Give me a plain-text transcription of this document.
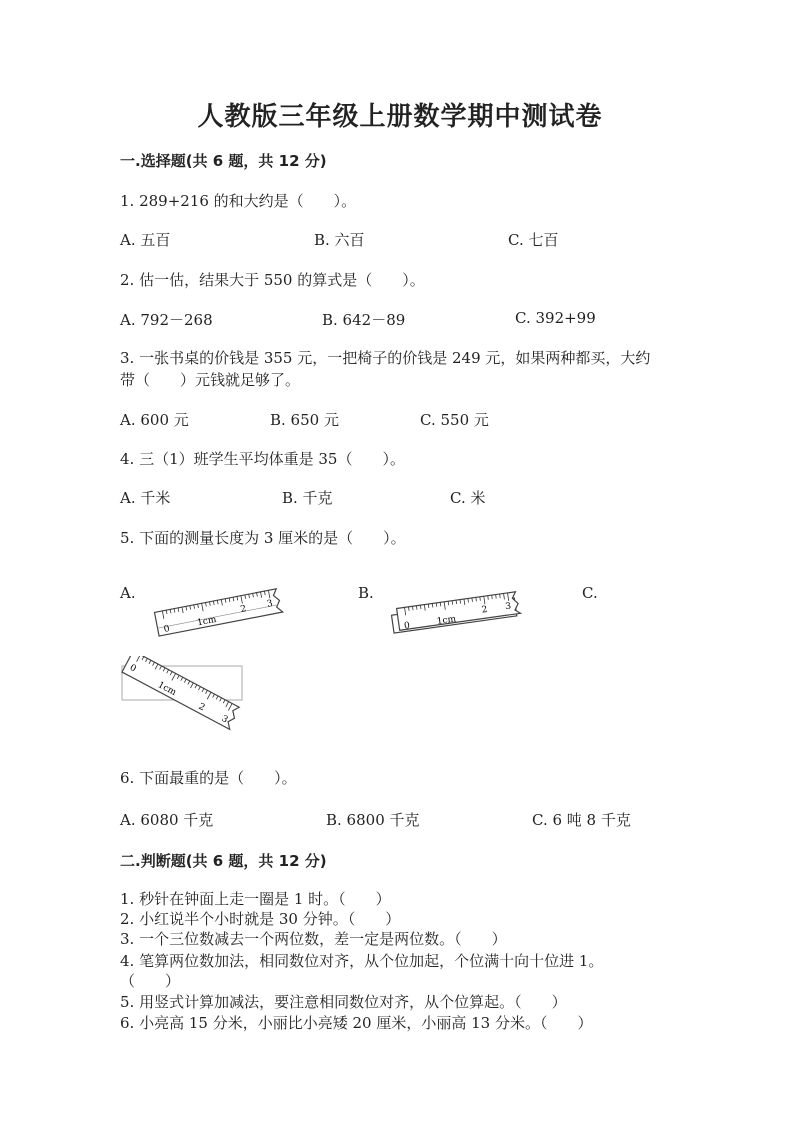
人教版三年级上册数学期中测试卷
一.选择题(共 6 题，共 12 分)
1. 289+216 的和大约是（　　）。
A. 五百	B. 六百	C. 七百
2. 估一估，结果大于 550 的算式是（　　）。
A. 792－268	B. 642－89	C. 392+99
3. 一张书桌的价钱是 355 元，一把椅子的价钱是 249 元，如果两种都买，大约
带（　　）元钱就足够了。
A. 600 元	B. 650 元	C. 550 元
4. 三（1）班学生平均体重是 35（　　）。
A. 千米	B. 千克	C. 米
5. 下面的测量长度为 3 厘米的是（　　）。
A.	B.	C.
0
1cm
2 3
0	1cm
2 3
0
1cm
2
3
6. 下面最重的是（　　）。
A. 6080 千克	B. 6800 千克	C. 6 吨 8 千克
二.判断题(共 6 题，共 12 分)
1. 秒针在钟面上走一圈是 1 时。（　　）
2. 小红说半个小时就是 30 分钟。（　　）
3. 一个三位数减去一个两位数，差一定是两位数。（　　）
4. 笔算两位数加法，相同数位对齐，从个位加起，个位满十向十位进 1。
（　　）
5. 用竖式计算加减法，要注意相同数位对齐，从个位算起。（　　）
6. 小亮高 15 分米，小丽比小亮矮 20 厘米，小丽高 13 分米。（　　）
